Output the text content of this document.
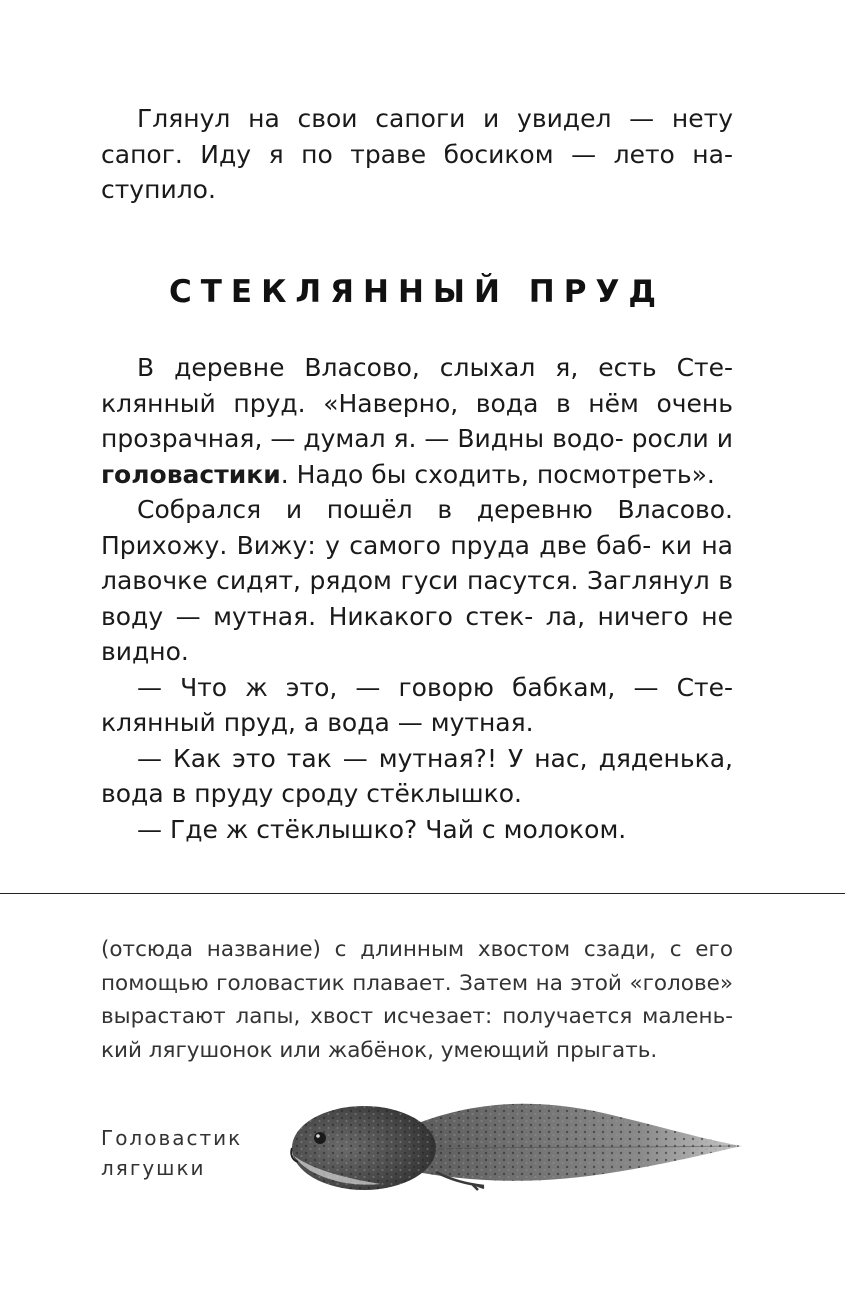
Глянул на свои сапоги и увидел — нету сапог. Иду я по траве босиком — лето на- ступило.

СТЕКЛЯННЫЙ ПРУД

В деревне Власово, слыхал я, есть Сте- клянный пруд. «Наверно, вода в нём очень прозрачная, — думал я. — Видны водо- росли и головастики. Надо бы сходить, посмотреть».

Собрался и пошёл в деревню Власово. Прихожу. Вижу: у самого пруда две баб- ки на лавочке сидят, рядом гуси пасутся. Заглянул в воду — мутная. Никакого стек- ла, ничего не видно.

— Что ж это, — говорю бабкам, — Сте- клянный пруд, а вода — мутная.

— Как это так — мутная?! У нас, дяденька, вода в пруду сроду стёклышко.

— Где ж стёклышко? Чай с молоком.

(отсюда название) с длинным хвостом сзади, с его помощью головастик плавает. Затем на этой «голове» вырастают лапы, хвост исчезает: получается малень- кий лягушонок или жабёнок, умеющий прыгать.

Головастик
лягушки
